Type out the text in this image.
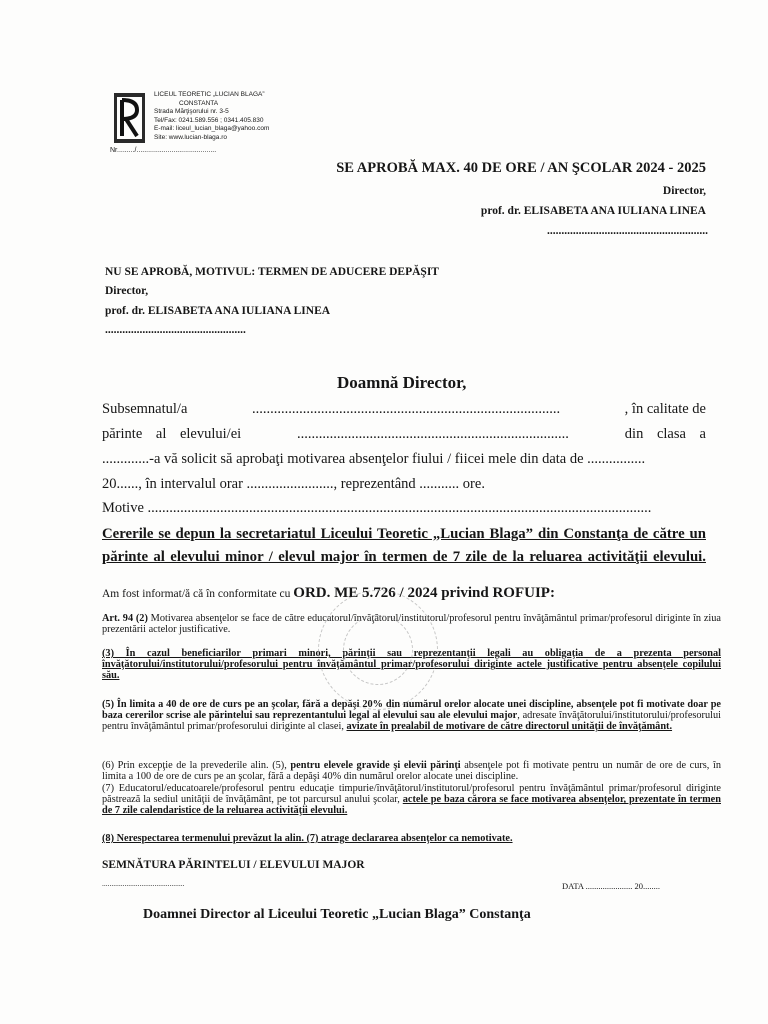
LICEUL TEORETIC „LUCIAN BLAGA”
CONSTANTA
Strada Mărţişorului nr. 3-5
Tel/Fax: 0241.589.556 ; 0341.405.830
E-mail: liceul_lucian_blaga@yahoo.com
Site: www.lucian-blaga.ro
Nr........./.........................................
SE APROBĂ MAX. 40 DE ORE / AN ŞCOLAR 2024 - 2025
Director,
prof. dr. ELISABETA ANA IULIANA LINEA
........................................................
NU SE APROBĂ, MOTIVUL: TERMEN DE ADUCERE DEPĂŞIT
Director,
prof. dr. ELISABETA ANA IULIANA LINEA
.................................................
Doamnă Director,
Subsemnatul/a	.....................................................................................	, în calitate de
părinte al elevului/ei	...........................................................................	din clasa a
.............-a vă solicit să aprobaţi motivarea absenţelor fiului / fiicei mele din data de ................
20......, în intervalul orar ........................, reprezentând ........... ore.
Motive ...........................................................................................................................................
Cererile se depun la secretariatul Liceului Teoretic „Lucian Blaga” din Constanţa de către un părinte al elevului minor / elevul major în termen de 7 zile de la reluarea activităţii elevului.
Am fost informat/ă că în conformitate cu ORD. ME 5.726 / 2024 privind ROFUIP:
Art. 94 (2) Motivarea absenţelor se face de către educatorul/învăţătorul/institutorul/profesorul pentru învăţământul primar/profesorul diriginte în ziua prezentării actelor justificative.
(3) În cazul beneficiarilor primari minori, părinţii sau reprezentanţii legali au obligaţia de a prezenta personal învăţătorului/institutorului/profesorului pentru învăţământul primar/profesorului diriginte actele justificative pentru absenţele copilului său.
(5) În limita a 40 de ore de curs pe an şcolar, fără a depăşi 20% din numărul orelor alocate unei discipline, absenţele pot fi motivate doar pe baza cererilor scrise ale părintelui sau reprezentantului legal al elevului sau ale elevului major, adresate învăţătorului/institutorului/profesorului pentru învăţământul primar/profesorului diriginte al clasei, avizate în prealabil de motivare de către directorul unităţii de învăţământ.
(6) Prin excepţie de la prevederile alin. (5), pentru elevele gravide şi elevii părinţi absenţele pot fi motivate pentru un număr de ore de curs, în limita a 100 de ore de curs pe an şcolar, fără a depăşi 40% din numărul orelor alocate unei discipline.
(7) Educatorul/educatoarele/profesorul pentru educaţie timpurie/învăţătorul/institutorul/profesorul pentru învăţământul primar/profesorul diriginte păstrează la sediul unităţii de învăţământ, pe tot parcursul anului şcolar, actele pe baza cărora se face motivarea absenţelor, prezentate în termen de 7 zile calendaristice de la reluarea activităţii elevului.
(8) Nerespectarea termenului prevăzut la alin. (7) atrage declararea absenţelor ca nemotivate.
SEMNĂTURA PĂRINTELUI / ELEVULUI MAJOR
............................................	DATA ...................... 20........
Doamnei Director al Liceului Teoretic „Lucian Blaga” Constanţa
